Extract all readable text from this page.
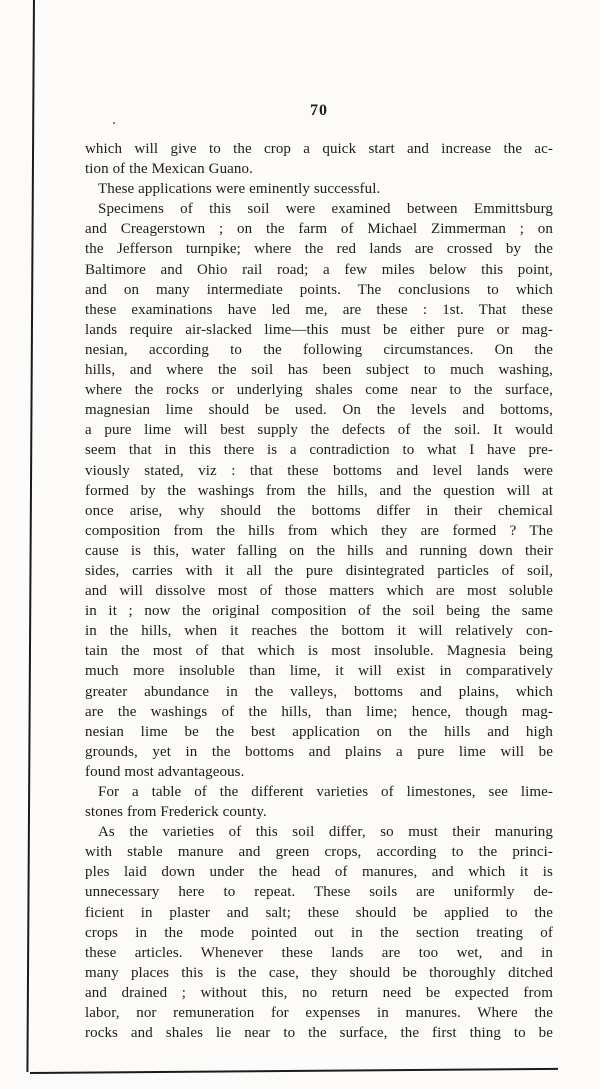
70
which will give to the crop a quick start and increase the ac-
tion of the Mexican Guano.
These applications were eminently successful.
Specimens of this soil were examined between Emmittsburg
and Creagerstown ; on the farm of Michael Zimmerman ; on
the Jefferson turnpike; where the red lands are crossed by the
Baltimore and Ohio rail road; a few miles below this point,
and on many intermediate points. The conclusions to which
these examinations have led me, are these : 1st. That these
lands require air-slacked lime—this must be either pure or mag-
nesian, according to the following circumstances. On the
hills, and where the soil has been subject to much washing,
where the rocks or underlying shales come near to the surface,
magnesian lime should be used. On the levels and bottoms,
a pure lime will best supply the defects of the soil. It would
seem that in this there is a contradiction to what I have pre-
viously stated, viz : that these bottoms and level lands were
formed by the washings from the hills, and the question will at
once arise, why should the bottoms differ in their chemical
composition from the hills from which they are formed ? The
cause is this, water falling on the hills and running down their
sides, carries with it all the pure disintegrated particles of soil,
and will dissolve most of those matters which are most soluble
in it ; now the original composition of the soil being the same
in the hills, when it reaches the bottom it will relatively con-
tain the most of that which is most insoluble. Magnesia being
much more insoluble than lime, it will exist in comparatively
greater abundance in the valleys, bottoms and plains, which
are the washings of the hills, than lime; hence, though mag-
nesian lime be the best application on the hills and high
grounds, yet in the bottoms and plains a pure lime will be
found most advantageous.
For a table of the different varieties of limestones, see lime-
stones from Frederick county.
As the varieties of this soil differ, so must their manuring
with stable manure and green crops, according to the princi-
ples laid down under the head of manures, and which it is
unnecessary here to repeat. These soils are uniformly de-
ficient in plaster and salt; these should be applied to the
crops in the mode pointed out in the section treating of
these articles. Whenever these lands are too wet, and in
many places this is the case, they should be thoroughly ditched
and drained ; without this, no return need be expected from
labor, nor remuneration for expenses in manures. Where the
rocks and shales lie near to the surface, the first thing to be
